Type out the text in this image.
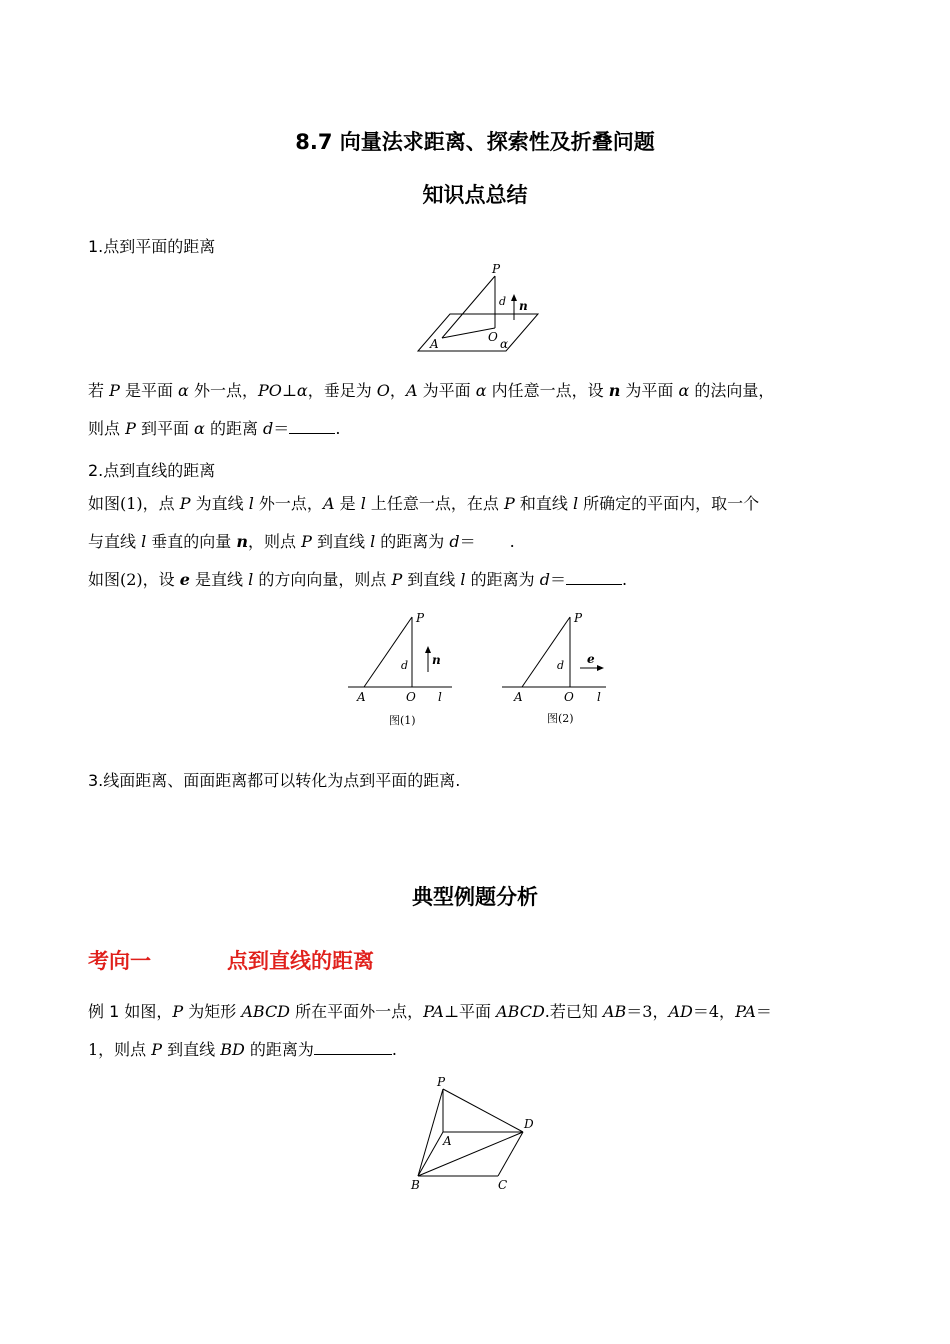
8.7 向量法求距离、探索性及折叠问题
知识点总结
1.点到平面的距离
P
d n
A	O α
若 P 是平面 α 外一点，PO⊥α，垂足为 O，A 为平面 α 内任意一点，设 n 为平面 α 的法向量，
则点 P 到平面 α 的距离 d＝	.
2.点到直线的距离
如图(1)，点 P 为直线 l 外一点，A 是 l 上任意一点，在点 P 和直线 l 所确定的平面内，取一个
与直线 l 垂直的向量 n，则点 P 到直线 l 的距离为 d＝ .
如图(2)，设 e 是直线 l 的方向向量，则点 P 到直线 l 的距离为 d＝	.
P
d n
A	O l
图(1)
P
d e
A	O l
图(2)
3.线面距离、面面距离都可以转化为点到平面的距离.
典型例题分析
考向一	点到直线的距离
例 1 如图，P 为矩形 ABCD 所在平面外一点，PA⊥平面 ABCD.若已知 AB＝3，AD＝4，PA＝
1，则点 P 到直线 BD 的距离为	.
P
A
B	C
D
